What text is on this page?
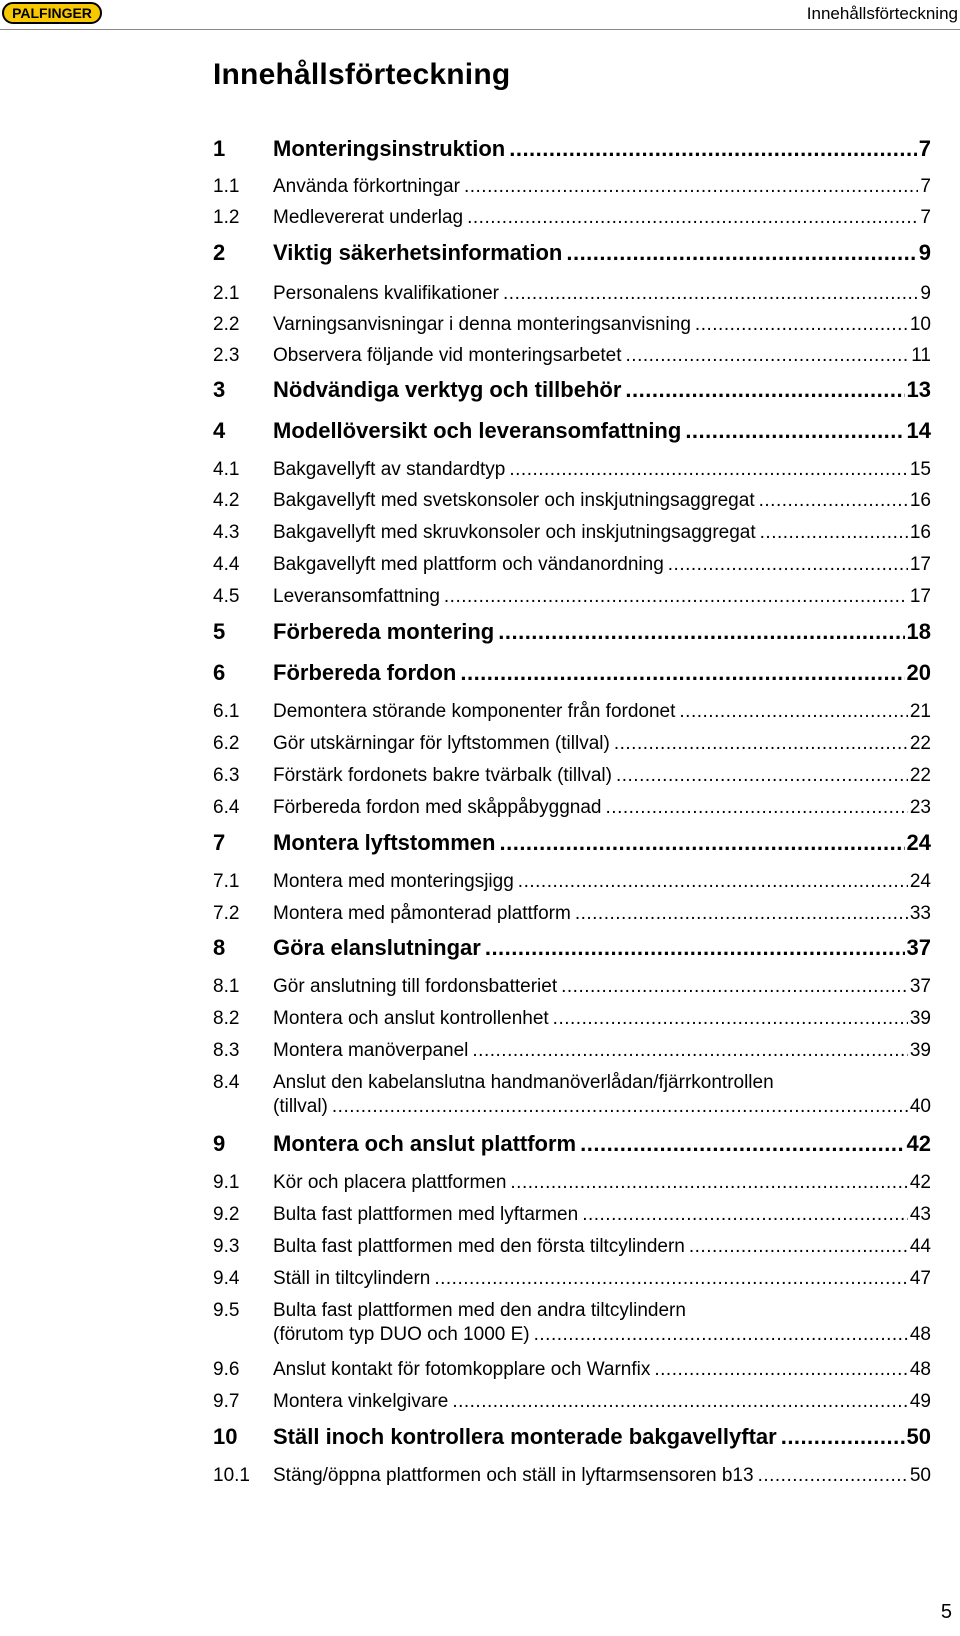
PALFINGER	Innehållsförteckning
Innehållsförteckning
1	Monteringsinstruktion .....	7
1.1	Använda förkortningar .....	7
1.2	Medlevererat underlag .....	7
2	Viktig säkerhetsinformation .....	9
2.1	Personalens kvalifikationer .....	9
2.2	Varningsanvisningar i denna monteringsanvisning .....	10
2.3	Observera följande vid monteringsarbetet .....	11
3	Nödvändiga verktyg och tillbehör .....	13
4	Modellöversikt och leveransomfattning .....	14
4.1	Bakgavellyft av standardtyp .....	15
4.2	Bakgavellyft med svetskonsoler och inskjutningsaggregat .....	16
4.3	Bakgavellyft med skruvkonsoler och inskjutningsaggregat .....	16
4.4	Bakgavellyft med plattform och vändanordning .....	17
4.5	Leveransomfattning .....	17
5	Förbereda montering .....	18
6	Förbereda fordon .....	20
6.1	Demontera störande komponenter från fordonet .....	21
6.2	Gör utskärningar för lyftstommen (tillval) .....	22
6.3	Förstärk fordonets bakre tvärbalk (tillval) .....	22
6.4	Förbereda fordon med skåppåbyggnad .....	23
7	Montera lyftstommen .....	24
7.1	Montera med monteringsjigg .....	24
7.2	Montera med påmonterad plattform .....	33
8	Göra elanslutningar .....	37
8.1	Gör anslutning till fordonsbatteriet .....	37
8.2	Montera och anslut kontrollenhet .....	39
8.3	Montera manöverpanel .....	39
8.4	Anslut den kabelanslutna handmanöverlådan/fjärrkontrollen
(tillval) .....	40
9	Montera och anslut plattform .....	42
9.1	Kör och placera plattformen .....	42
9.2	Bulta fast plattformen med lyftarmen .....	43
9.3	Bulta fast plattformen med den första tiltcylindern .....	44
9.4	Ställ in tiltcylindern .....	47
9.5	Bulta fast plattformen med den andra tiltcylindern
(förutom typ DUO och 1000 E) .....	48
9.6	Anslut kontakt för fotomkopplare och Warnfix .....	48
9.7	Montera vinkelgivare .....	49
10	Ställ inoch kontrollera monterade bakgavellyftar .....	50
10.1	Stäng/öppna plattformen och ställ in lyftarmsensoren b13 .....	50
5
